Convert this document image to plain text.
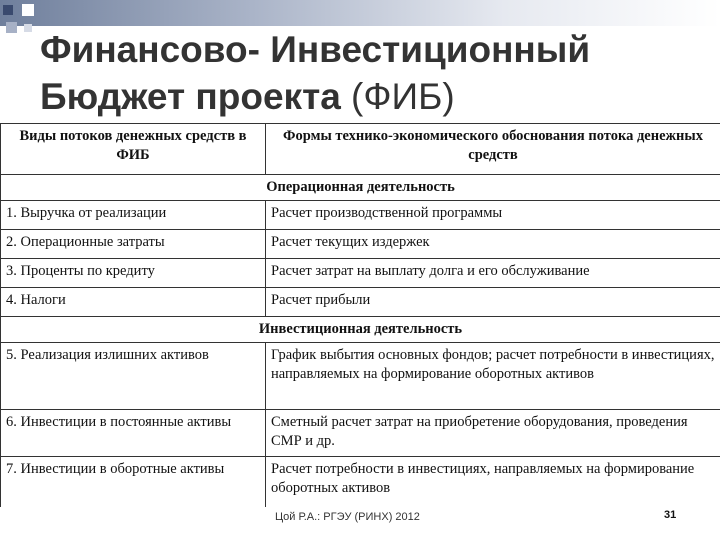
Финансово- Инвестиционный Бюджет проекта (ФИБ)
Виды потоков денежных средств в ФИБ	Формы технико-экономического обоснования потока денежных средств
Операционная деятельность	
1. Выручка от реализации	Расчет производственной программы
2. Операционные затраты	Расчет текущих издержек
3. Проценты по кредиту	Расчет затрат на выплату долга и его обслуживание
4. Налоги	Расчет прибыли
Инвестиционная деятельность	
5. Реализация излишних активов	График выбытия основных фондов; расчет потребности в инвестициях, направляемых на формирование оборотных активов
6. Инвестиции в постоянные активы	Сметный расчет затрат на приобретение оборудования, проведения СМР и др.
7. Инвестиции в оборотные активы	Расчет потребности в инвестициях, направляемых на формирование оборотных активов
Цой Р.А.: РГЭУ (РИНХ) 2012	31
